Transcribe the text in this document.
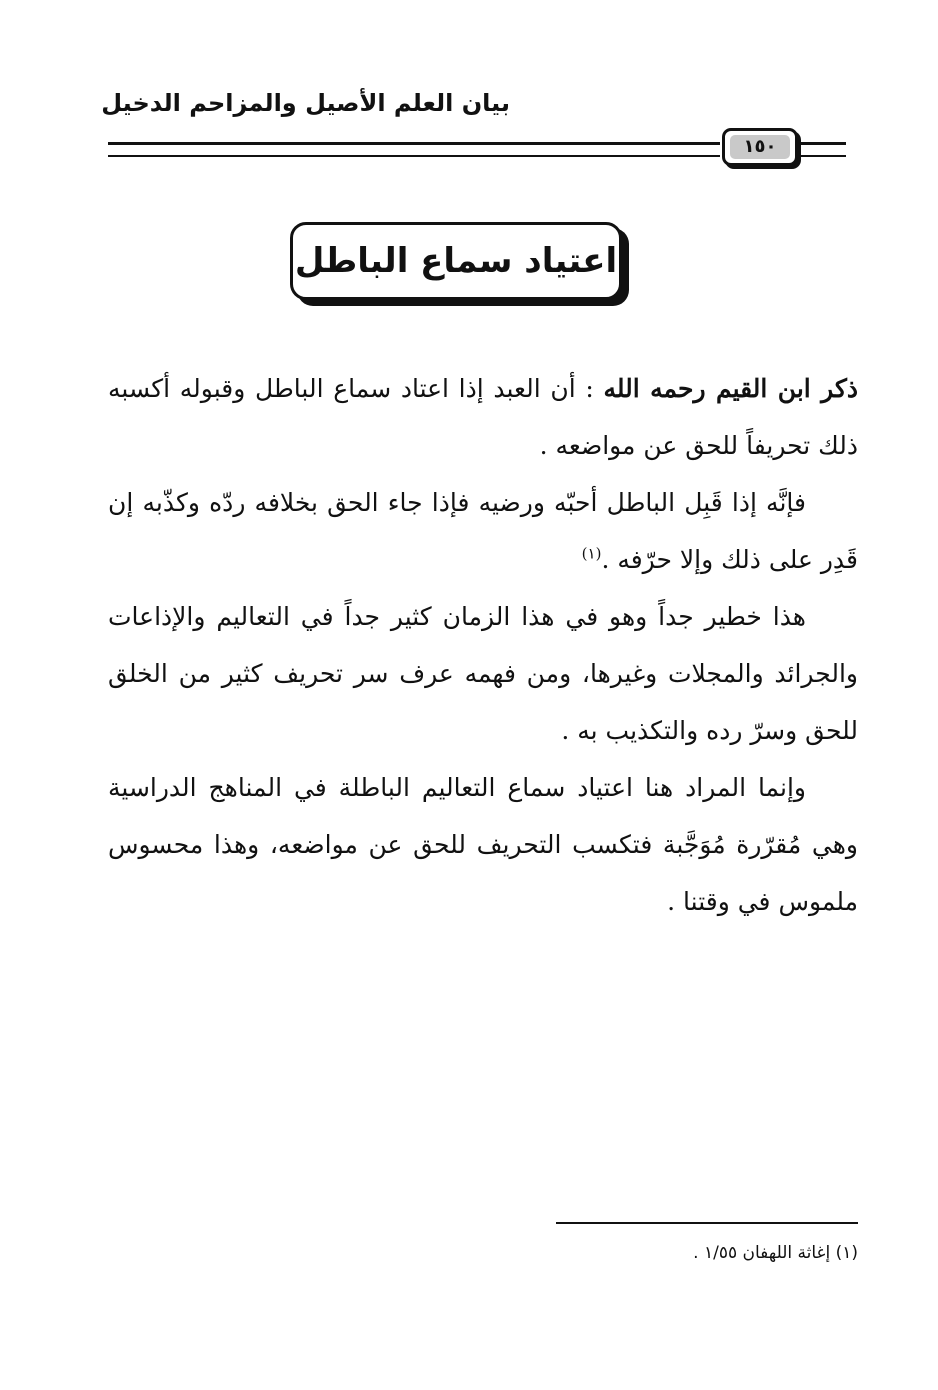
بيان العلم الأصيل والمزاحم الدخيل
١٥٠
اعتياد سماع الباطل

ذكر ابن القيم رحمه الله : أن العبد إذا اعتاد سماع الباطل وقبوله أكسبه ذلك تحريفاً للحق عن مواضعه .

فإنَّه إذا قَبِل الباطل أحبّه ورضيه فإذا جاء الحق بخلافه ردّه وكذّبه إن قَدِر على ذلك وإلا حرّفه .$^{(١)}$

هذا خطير جداً وهو في هذا الزمان كثير جداً في التعاليم والإذاعات والجرائد والمجلات وغيرها، ومن فهمه عرف سر تحريف كثير من الخلق للحق وسرّ رده والتكذيب به .

وإنما المراد هنا اعتياد سماع التعاليم الباطلة في المناهج الدراسية وهي مُقرّرة مُوَجَّبة فتكسب التحريف للحق عن مواضعه، وهذا محسوس ملموس في وقتنا .

(١) إغاثة اللهفان ١/٥٥ .
